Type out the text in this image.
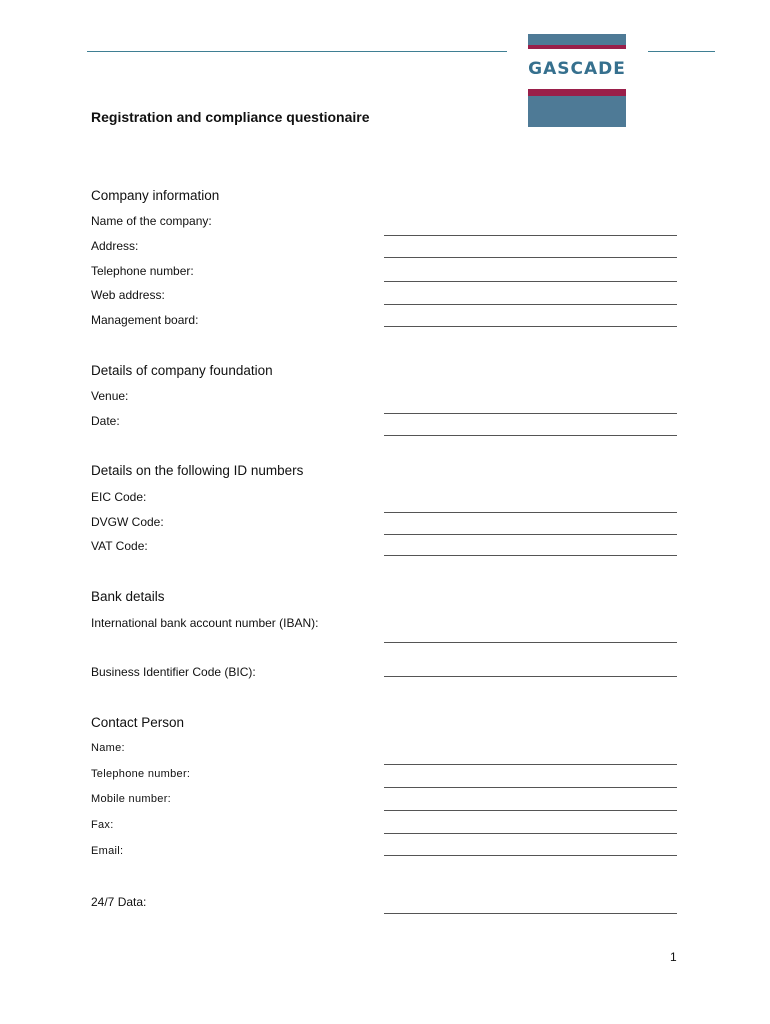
GASCADE
Registration and compliance questionaire
Company information
Name of the company:
Address:
Telephone number:
Web address:
Management board:
Details of company foundation
Venue:
Date:
Details on the following ID numbers
EIC Code:
DVGW Code:
VAT Code:
Bank details
International bank account number (IBAN):
Business Identifier Code (BIC):
Contact Person
Name:
Telephone number:
Mobile number:
Fax:
Email:
24/7 Data:
1
